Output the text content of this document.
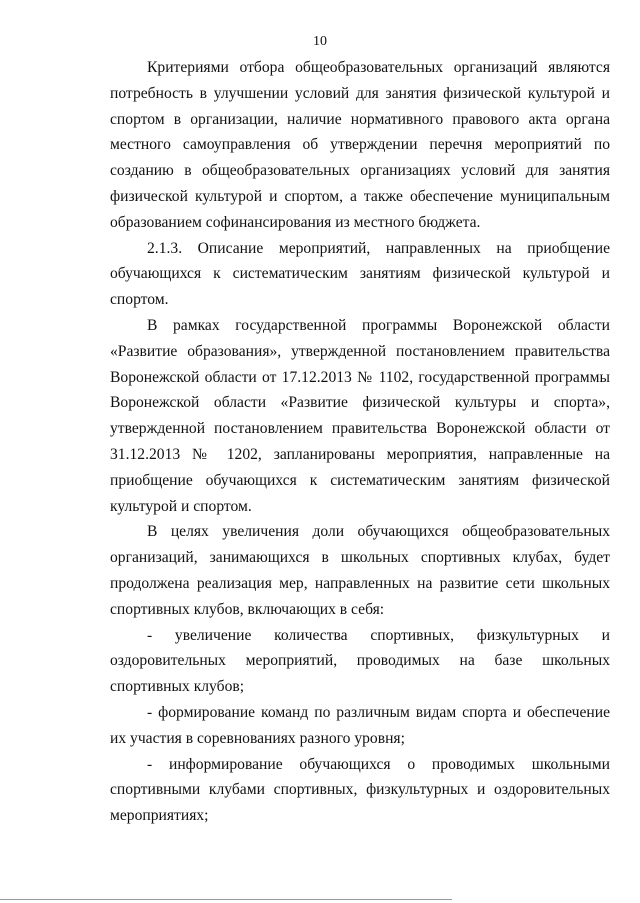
10

Критериями отбора общеобразовательных организаций являются потребность в улучшении условий для занятия физической культурой и спортом в организации, наличие нормативного правового акта органа местного самоуправления об утверждении перечня мероприятий по созданию в общеобразовательных организациях условий для занятия физической культурой и спортом, а также обеспечение муниципальным образованием софинансирования из местного бюджета.

2.1.3. Описание мероприятий, направленных на приобщение обучающихся к систематическим занятиям физической культурой и спортом.

В рамках государственной программы Воронежской области «Развитие образования», утвержденной постановлением правительства Воронежской области от 17.12.2013 № 1102, государственной программы Воронежской области «Развитие физической культуры и спорта», утвержденной постановлением правительства Воронежской области от 31.12.2013 № 1202, запланированы мероприятия, направленные на приобщение обучающихся к систематическим занятиям физической культурой и спортом.

В целях увеличения доли обучающихся общеобразовательных организаций, занимающихся в школьных спортивных клубах, будет продолжена реализация мер, направленных на развитие сети школьных спортивных клубов, включающих в себя:

- увеличение количества спортивных, физкультурных и оздоровительных мероприятий, проводимых на базе школьных спортивных клубов;

- формирование команд по различным видам спорта и обеспечение их участия в соревнованиях разного уровня;

- информирование обучающихся о проводимых школьными спортивными клубами спортивных, физкультурных и оздоровительных мероприятиях;
